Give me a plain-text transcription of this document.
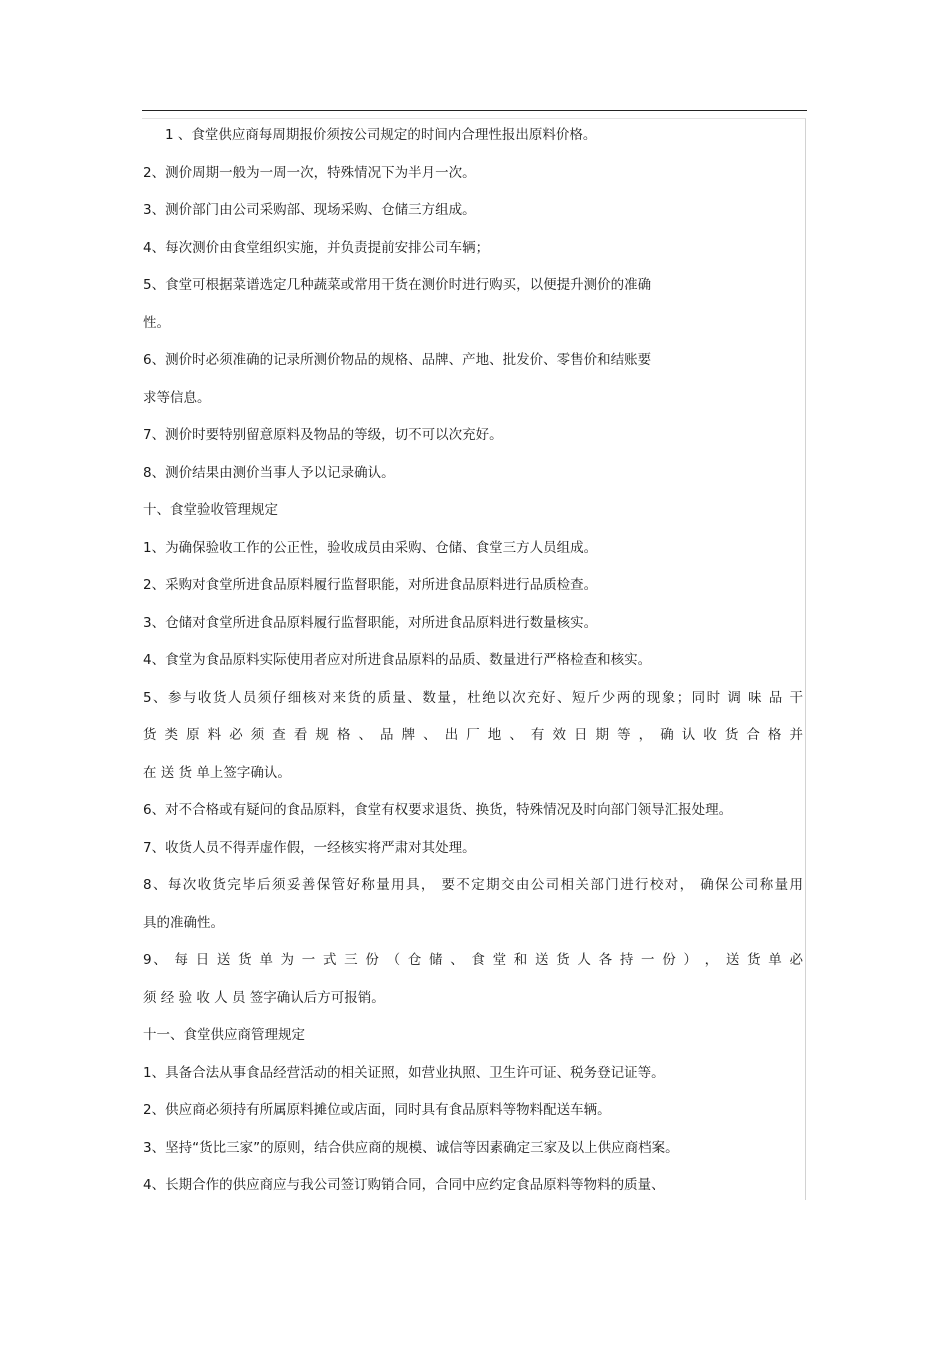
1 、食堂供应商每周期报价须按公司规定的时间内合理性报出原料价格。
2、测价周期一般为一周一次，特殊情况下为半月一次。
3、测价部门由公司采购部、现场采购、仓储三方组成。
4、每次测价由食堂组织实施，并负责提前安排公司车辆；
5、食堂可根据菜谱选定几种蔬菜或常用干货在测价时进行购买，以便提升测价的准确
性。
6、测价时必须准确的记录所测价物品的规格、品牌、产地、批发价、零售价和结账要
求等信息。
7、测价时要特别留意原料及物品的等级，切不可以次充好。
8、测价结果由测价当事人予以记录确认。
十、食堂验收管理规定
1、为确保验收工作的公正性，验收成员由采购、仓储、食堂三方人员组成。
2、采购对食堂所进食品原料履行监督职能，对所进食品原料进行品质检查。
3、仓储对食堂所进食品原料履行监督职能，对所进食品原料进行数量核实。
4、食堂为食品原料实际使用者应对所进食品原料的品质、数量进行严格检查和核实。
5、参与收货人员须仔细核对来货的质量、数量，杜绝以次充好、短斤少两的现象；同时 调 味 品 干
货 类 原 料 必 须 查 看 规 格 、 品 牌 、 出 厂 地 、 有 效 日 期 等 ， 确 认 收 货 合 格 并
在 送 货 单上签字确认。
6、对不合格或有疑问的食品原料，食堂有权要求退货、换货，特殊情况及时向部门领导汇报处理。
7、收货人员不得弄虚作假，一经核实将严肃对其处理。
8、每次收货完毕后须妥善保管好称量用具， 要不定期交由公司相关部门进行校对， 确保公司称量用
具的准确性。
9、 每 日 送 货 单 为 一 式 三 份 （ 仓 储 、 食 堂 和 送 货 人 各 持 一 份 ） ， 送 货 单 必
须 经 验 收 人 员 签字确认后方可报销。
十一、食堂供应商管理规定
1、具备合法从事食品经营活动的相关证照，如营业执照、卫生许可证、税务登记证等。
2、供应商必须持有所属原料摊位或店面，同时具有食品原料等物料配送车辆。
3、坚持“货比三家”的原则，结合供应商的规模、诚信等因素确定三家及以上供应商档案。
4、长期合作的供应商应与我公司签订购销合同，合同中应约定食品原料等物料的质量、
